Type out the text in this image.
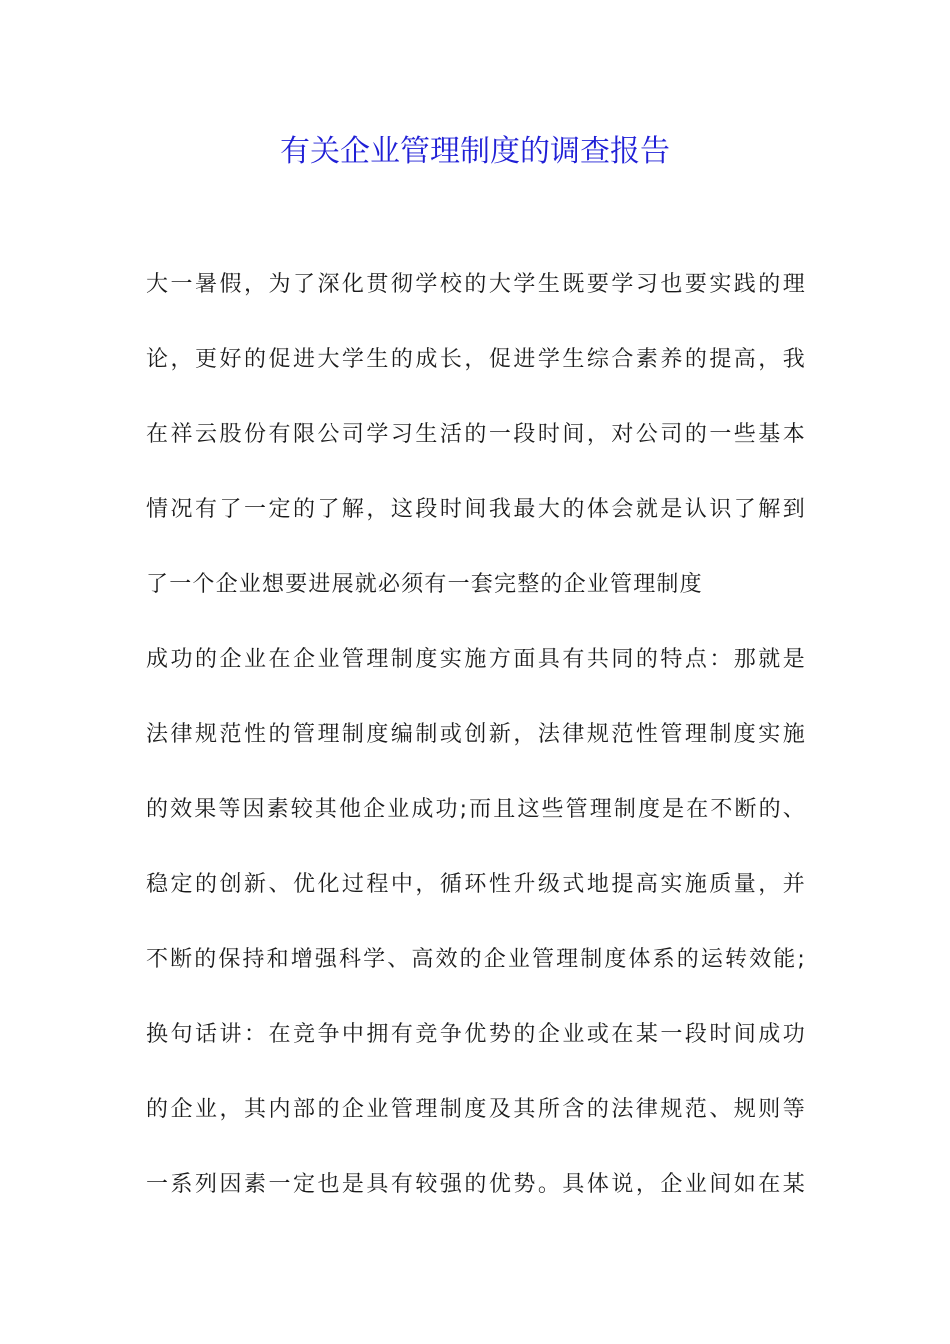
有关企业管理制度的调查报告

大一暑假，为了深化贯彻学校的大学生既要学习也要实践的理

论，更好的促进大学生的成长，促进学生综合素养的提高，我

在祥云股份有限公司学习生活的一段时间，对公司的一些基本

情况有了一定的了解，这段时间我最大的体会就是认识了解到

了一个企业想要进展就必须有一套完整的企业管理制度

成功的企业在企业管理制度实施方面具有共同的特点：那就是

法律规范性的管理制度编制或创新，法律规范性管理制度实施

的效果等因素较其他企业成功;而且这些管理制度是在不断的、

稳定的创新、优化过程中，循环性升级式地提高实施质量，并

不断的保持和增强科学、高效的企业管理制度体系的运转效能;

换句话讲：在竞争中拥有竞争优势的企业或在某一段时间成功

的企业，其内部的企业管理制度及其所含的法律规范、规则等

一系列因素一定也是具有较强的优势。具体说，企业间如在某
